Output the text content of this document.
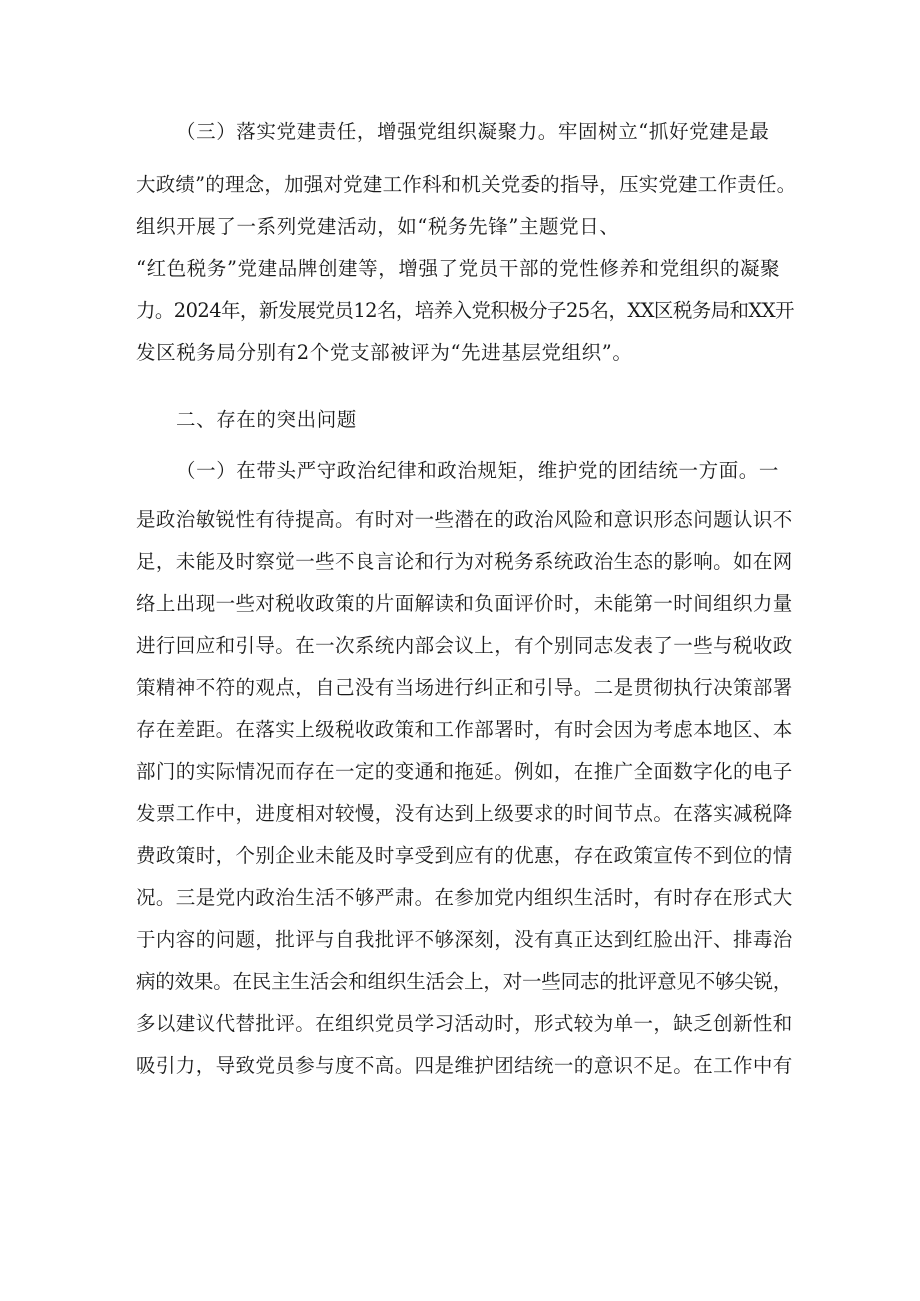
（三）落实党建责任，增强党组织凝聚力。牢固树立“抓好党建是最
大政绩”的理念，加强对党建工作科和机关党委的指导，压实党建工作责任。
组织开展了一系列党建活动，如“税务先锋”主题党日、
“红色税务”党建品牌创建等，增强了党员干部的党性修养和党组织的凝聚
力。2024年，新发展党员12名，培养入党积极分子25名，XX区税务局和XX开
发区税务局分别有2个党支部被评为“先进基层党组织”。
二、存在的突出问题
（一）在带头严守政治纪律和政治规矩，维护党的团结统一方面。一
是政治敏锐性有待提高。有时对一些潜在的政治风险和意识形态问题认识不
足，未能及时察觉一些不良言论和行为对税务系统政治生态的影响。如在网
络上出现一些对税收政策的片面解读和负面评价时，未能第一时间组织力量
进行回应和引导。在一次系统内部会议上，有个别同志发表了一些与税收政
策精神不符的观点，自己没有当场进行纠正和引导。二是贯彻执行决策部署
存在差距。在落实上级税收政策和工作部署时，有时会因为考虑本地区、本
部门的实际情况而存在一定的变通和拖延。例如，在推广全面数字化的电子
发票工作中，进度相对较慢，没有达到上级要求的时间节点。在落实减税降
费政策时，个别企业未能及时享受到应有的优惠，存在政策宣传不到位的情
况。三是党内政治生活不够严肃。在参加党内组织生活时，有时存在形式大
于内容的问题，批评与自我批评不够深刻，没有真正达到红脸出汗、排毒治
病的效果。在民主生活会和组织生活会上，对一些同志的批评意见不够尖锐，
多以建议代替批评。在组织党员学习活动时，形式较为单一，缺乏创新性和
吸引力，导致党员参与度不高。四是维护团结统一的意识不足。在工作中有
